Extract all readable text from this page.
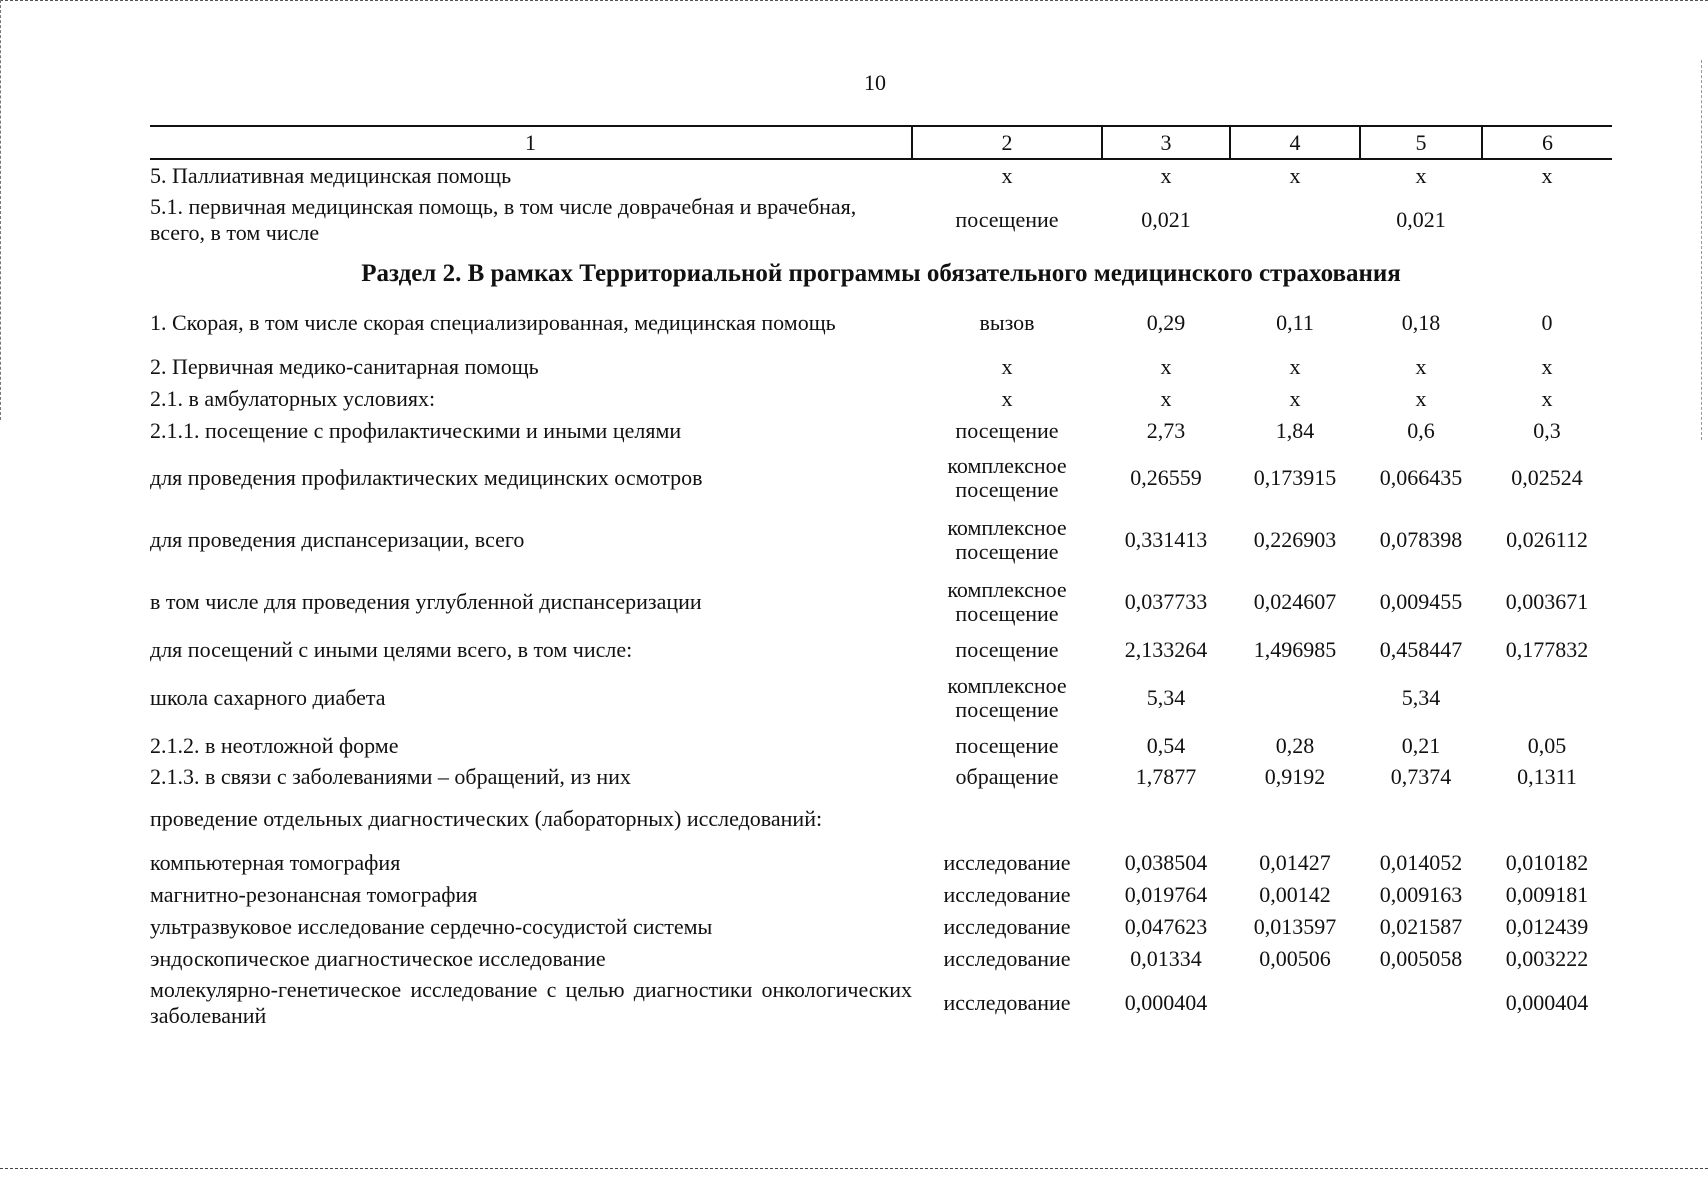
10
1	2	3	4	5	6
5. Паллиативная медицинская помощь	х	х	х	х	х
5.1. первичная медицинская помощь, в том числе доврачебная и врачебная, всего, в том числе	посещение	0,021		0,021	
Раздел 2. В рамках Территориальной программы обязательного медицинского страхования					
1. Скорая, в том числе скорая специализированная, медицинская помощь	вызов	0,29	0,11	0,18	0
2. Первичная медико-санитарная помощь	х	х	х	х	х
2.1. в амбулаторных условиях:	х	х	х	х	х
2.1.1. посещение с профилактическими и иными целями	посещение	2,73	1,84	0,6	0,3
для проведения профилактических медицинских осмотров	комплексное посещение	0,26559	0,173915	0,066435	0,02524
для проведения диспансеризации, всего	комплексное посещение	0,331413	0,226903	0,078398	0,026112
в том числе для проведения углубленной диспансеризации	комплексное посещение	0,037733	0,024607	0,009455	0,003671
для посещений с иными целями всего, в том числе:	посещение	2,133264	1,496985	0,458447	0,177832
школа сахарного диабета	комплексное посещение	5,34		5,34	
2.1.2. в неотложной форме	посещение	0,54	0,28	0,21	0,05
2.1.3. в связи с заболеваниями – обращений, из них	обращение	1,7877	0,9192	0,7374	0,1311
проведение отдельных диагностических (лабораторных) исследований:					
компьютерная томография	исследование	0,038504	0,01427	0,014052	0,010182
магнитно-резонансная томография	исследование	0,019764	0,00142	0,009163	0,009181
ультразвуковое исследование сердечно-сосудистой системы	исследование	0,047623	0,013597	0,021587	0,012439
эндоскопическое диагностическое исследование	исследование	0,01334	0,00506	0,005058	0,003222
молекулярно-генетическое исследование с целью диагностики онкологических заболеваний	исследование	0,000404			0,000404
